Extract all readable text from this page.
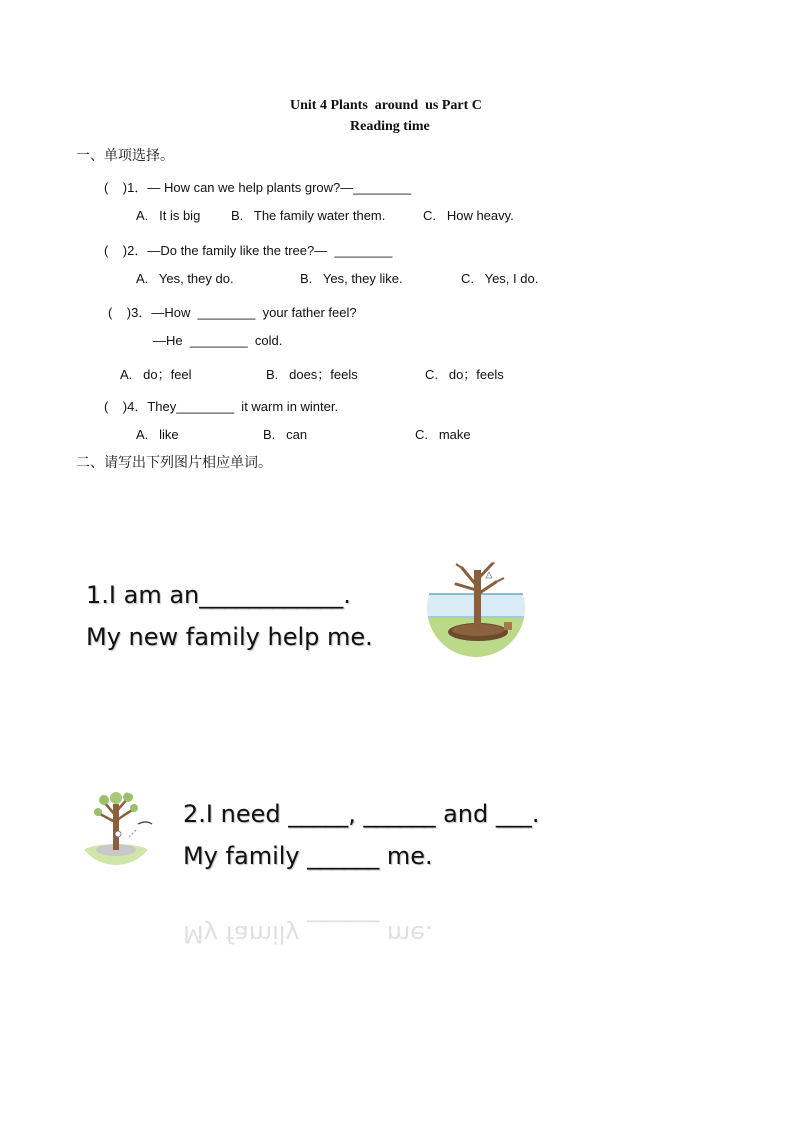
Unit 4 Plants  around  us Part C
Reading time
一、单项选择。
(    )1．— How can we help plants grow?—________
A.   It is big B.   The family water them.	C.   How heavy.
(    )2．—Do the family like the tree?—  ________
A.   Yes, they do.	B.   Yes, they like.	C.   Yes, I do.
(    )3．—How  ________  your father feel?
—He  ________  cold.
A.   do；feel	B.   does；feels	C.   do；feels
(    )4．They________  it warm in winter.
A.   like	B.   can	C.   make
二、请写出下列图片相应单词。
1.I am an____________.
My new family help me.
2.I need _____, ______ and ___.
My family ______ me.
My family ______ me.
